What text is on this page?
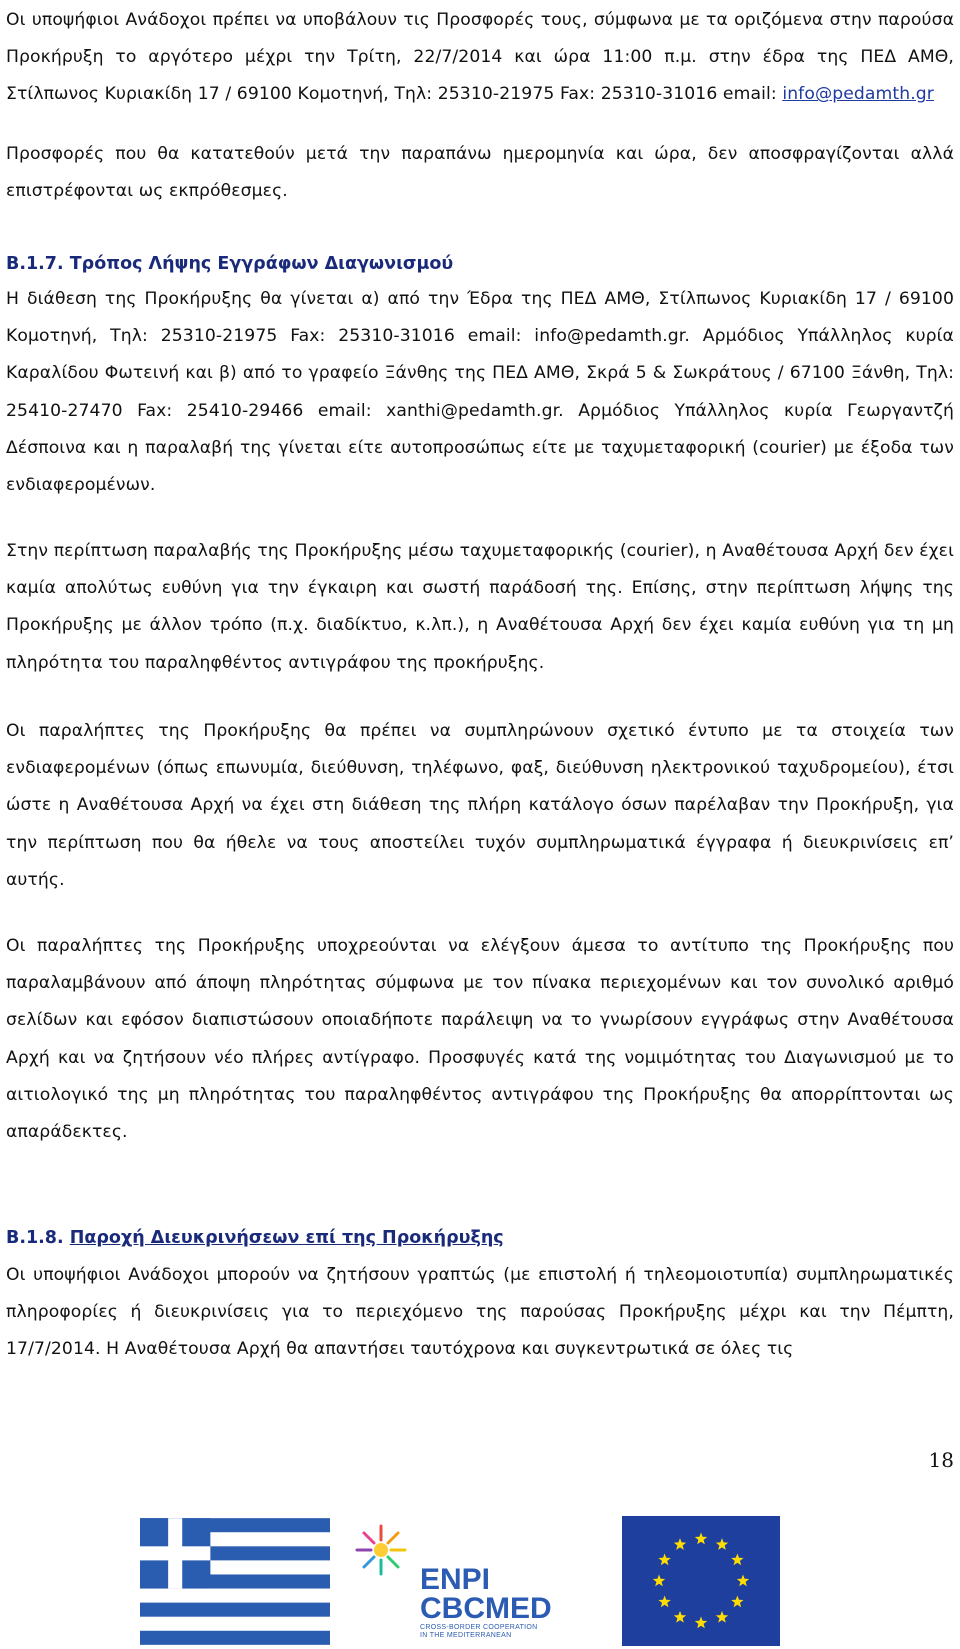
Οι υποψήφιοι Ανάδοχοι πρέπει να υποβάλουν τις Προσφορές τους, σύμφωνα με τα οριζόμενα στην παρούσα Προκήρυξη το αργότερο μέχρι την Τρίτη, 22/7/2014 και ώρα 11:00 π.μ. στην έδρα της ΠΕΔ ΑΜΘ, Στίλπωνος Κυριακίδη 17 / 69100 Κομοτηνή, Τηλ: 25310-21975 Fax: 25310-31016 email: info@pedamth.gr

Προσφορές που θα κατατεθούν μετά την παραπάνω ημερομηνία και ώρα, δεν αποσφραγίζονται αλλά επιστρέφονται ως εκπρόθεσμες.

Β.1.7. Τρόπος Λήψης Εγγράφων Διαγωνισμού

Η διάθεση της Προκήρυξης θα γίνεται α) από την Έδρα της ΠΕΔ ΑΜΘ, Στίλπωνος Κυριακίδη 17 / 69100 Κομοτηνή, Τηλ: 25310-21975 Fax: 25310-31016 email: info@pedamth.gr. Αρμόδιος Υπάλληλος κυρία Καραλίδου Φωτεινή και β) από το γραφείο Ξάνθης της ΠΕΔ ΑΜΘ, Σκρά 5 & Σωκράτους / 67100 Ξάνθη, Τηλ: 25410-27470 Fax: 25410-29466 email: xanthi@pedamth.gr. Αρμόδιος Υπάλληλος κυρία Γεωργαντζή Δέσποινα και η παραλαβή της γίνεται είτε αυτοπροσώπως είτε με ταχυμεταφορική (courier) με έξοδα των ενδιαφερομένων.

Στην περίπτωση παραλαβής της Προκήρυξης μέσω ταχυμεταφορικής (courier), η Αναθέτουσα Αρχή δεν έχει καμία απολύτως ευθύνη για την έγκαιρη και σωστή παράδοσή της. Επίσης, στην περίπτωση λήψης της Προκήρυξης με άλλον τρόπο (π.χ. διαδίκτυο, κ.λπ.), η Αναθέτουσα Αρχή δεν έχει καμία ευθύνη για τη μη πληρότητα του παραληφθέντος αντιγράφου της προκήρυξης.

Οι παραλήπτες της Προκήρυξης θα πρέπει να συμπληρώνουν σχετικό έντυπο με τα στοιχεία των ενδιαφερομένων (όπως επωνυμία, διεύθυνση, τηλέφωνο, φαξ, διεύθυνση ηλεκτρονικού ταχυδρομείου), έτσι ώστε η Αναθέτουσα Αρχή να έχει στη διάθεση της πλήρη κατάλογο όσων παρέλαβαν την Προκήρυξη, για την περίπτωση που θα ήθελε να τους αποστείλει τυχόν συμπληρωματικά έγγραφα ή διευκρινίσεις επ’ αυτής.

Οι παραλήπτες της Προκήρυξης υποχρεούνται να ελέγξουν άμεσα το αντίτυπο της Προκήρυξης που παραλαμβάνουν από άποψη πληρότητας σύμφωνα με τον πίνακα περιεχομένων και τον συνολικό αριθμό σελίδων και εφόσον διαπιστώσουν οποιαδήποτε παράλειψη να το γνωρίσουν εγγράφως στην Αναθέτουσα Αρχή και να ζητήσουν νέο πλήρες αντίγραφο. Προσφυγές κατά της νομιμότητας του Διαγωνισμού με το αιτιολογικό της μη πληρότητας του παραληφθέντος αντιγράφου της Προκήρυξης θα απορρίπτονται ως απαράδεκτες.

Β.1.8. Παροχή Διευκρινήσεων επί της Προκήρυξης

Οι υποψήφιοι Ανάδοχοι μπορούν να ζητήσουν γραπτώς (με επιστολή ή τηλεομοιοτυπία) συμπληρωματικές πληροφορίες ή διευκρινίσεις για το περιεχόμενο της παρούσας Προκήρυξης μέχρι και την Πέμπτη, 17/7/2014. Η Αναθέτουσα Αρχή θα απαντήσει ταυτόχρονα και συγκεντρωτικά σε όλες τις

18
ENPI
CBCMED
CROSS-BORDER COOPERATION
IN THE MEDITERRANEAN
